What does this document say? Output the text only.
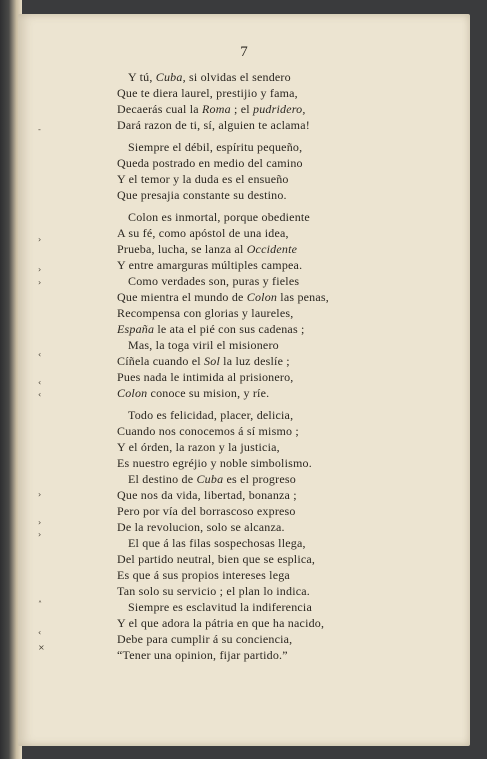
7
Y tú, Cuba, si olvidas el sendero
Que te diera laurel, prestijio y fama,
Decaerás cual la Roma ; el pudridero,
Dará razon de ti, sí, alguien te aclama!
Siempre el débil, espíritu pequeño,
Queda postrado en medio del camino
Y el temor y la duda es el ensueño
Que presajia constante su destino.
Colon es inmortal, porque obediente
A su fé, como apóstol de una idea,
Prueba, lucha, se lanza al Occidente
Y entre amarguras múltiples campea.
Como verdades son, puras y fieles
Que mientra el mundo de Colon las penas,
Recompensa con glorias y laureles,
España le ata el pié con sus cadenas ;
Mas, la toga viril el misionero
Cíñela cuando el Sol la luz deslíe ;
Pues nada le intimida al prisionero,
Colon conoce su mision, y ríe.
Todo es felicidad, placer, delicia,
Cuando nos conocemos á sí mismo ;
Y el órden, la razon y la justicia,
Es nuestro egréjio y noble simbolismo.
El destino de Cuba es el progreso
Que nos da vida, libertad, bonanza ;
Pero por vía del borrascoso expreso
De la revolucion, solo se alcanza.
El que á las filas sospechosas llega,
Del partido neutral, bien que se esplica,
Es que á sus propios intereses lega
Tan solo su servicio ; el plan lo indica.
Siempre es esclavitud la indiferencia
Y el que adora la pátria en que ha nacido,
Debe para cumplir á su conciencia,
“Tener una opinion, fijar partido.”
-
›
›
›
‹
‹
‹
›
›
›
˄
‹
×
